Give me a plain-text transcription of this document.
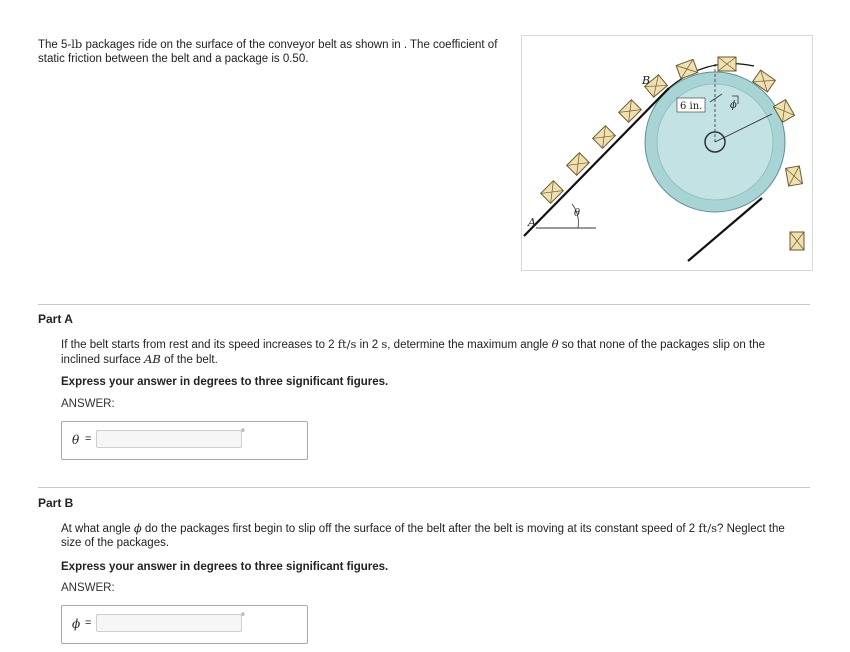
The 5-lb packages ride on the surface of the conveyor belt as shown in . The coefficient of static friction between the belt and a package is 0.50.
A
B
θ
ϕ
6 in.
Part A
If the belt starts from rest and its speed increases to 2 ft/s in 2 s, determine the maximum angle θ so that none of the packages slip on the inclined surface AB of the belt.
Express your answer in degrees to three significant figures.
ANSWER:
θ =	°
Part B
At what angle ϕ do the packages first begin to slip off the surface of the belt after the belt is moving at its constant speed of 2 ft/s? Neglect the size of the packages.
Express your answer in degrees to three significant figures.
ANSWER:
ϕ =	°
